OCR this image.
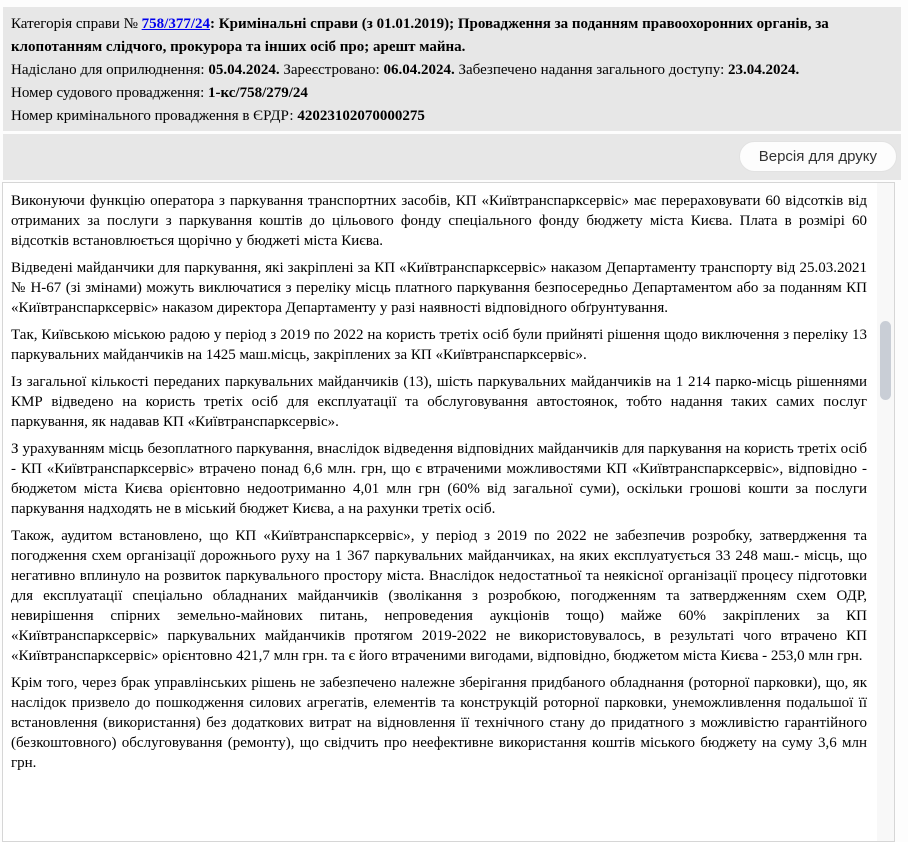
Категорія справи № 758/377/24: Кримінальні справи (з 01.01.2019); Провадження за поданням правоохоронних органів, за клопотанням слідчого, прокурора та інших осіб про; арешт майна.
Надіслано для оприлюднення: 05.04.2024. Зареєстровано: 06.04.2024. Забезпечено надання загального доступу: 23.04.2024.
Номер судового провадження: 1-кс/758/279/24
Номер кримінального провадження в ЄРДР: 42023102070000275
Версія для друку

Виконуючи функцію оператора з паркування транспортних засобів, КП «Київтранспарксервіс» має перераховувати 60 відсотків від отриманих за послуги з паркування коштів до цільового фонду спеціального фонду бюджету міста Києва. Плата в розмірі 60 відсотків встановлюється щорічно у бюджеті міста Києва.

Відведені майданчики для паркування, які закріплені за КП «Київтранспарксервіс» наказом Департаменту транспорту від 25.03.2021 № Н-67 (зі змінами) можуть виключатися з переліку місць платного паркування безпосередньо Департаментом або за поданням КП «Київтранспарксервіс» наказом директора Департаменту у разі наявності відповідного обґрунтування.

Так, Київською міською радою у період з 2019 по 2022 на користь третіх осіб були прийняті рішення щодо виключення з переліку 13 паркувальних майданчиків на 1425 маш.місць, закріплених за КП «Київтранспарксервіс».

Із загальної кількості переданих паркувальних майданчиків (13), шість паркувальних майданчиків на 1 214 парко-місць рішеннями КМР відведено на користь третіх осіб для експлуатації та обслуговування автостоянок, тобто надання таких самих послуг паркування, як надавав КП «Київтранспарксервіс».

З урахуванням місць безоплатного паркування, внаслідок відведення відповідних майданчиків для паркування на користь третіх осіб - КП «Київтранспарксервіс» втрачено понад 6,6 млн. грн, що є втраченими можливостями КП «Київтранспарксервіс», відповідно - бюджетом міста Києва орієнтовно недоотриманно 4,01 млн грн (60% від загальної суми), оскільки грошові кошти за послуги паркування надходять не в міський бюджет Києва, а на рахунки третіх осіб.

Також, аудитом встановлено, що КП «Київтранспарксервіс», у період з 2019 по 2022 не забезпечив розробку, затвердження та погодження схем організації дорожнього руху на 1 367 паркувальних майданчиках, на яких експлуатується 33 248 маш.- місць, що негативно вплинуло на розвиток паркувального простору міста. Внаслідок недостатньої та неякісної організації процесу підготовки для експлуатації спеціально обладнаних майданчиків (зволікання з розробкою, погодженням та затвердженням схем ОДР, невирішення спірних земельно-майнових питань, непроведения аукціонів тощо) майже 60% закріплених за КП «Київтранспарксервіс» паркувальних майданчиків протягом 2019-2022 не використовувалось, в результаті чого втрачено КП «Київтранспарксервіс» орієнтовно 421,7 млн грн. та є його втраченими вигодами, відповідно, бюджетом міста Києва - 253,0 млн грн.

Крім того, через брак управлінських рішень не забезпечено належне зберігання придбаного обладнання (роторної парковки), що, як наслідок призвело до пошкодження силових агрегатів, елементів та конструкцій роторної парковки, унеможливлення подальшої її встановлення (використання) без додаткових витрат на відновлення її технічного стану до придатного з можливістю гарантійного (безкоштовного) обслуговування (ремонту), що свідчить про неефективне використання коштів міського бюджету на суму 3,6 млн грн.
